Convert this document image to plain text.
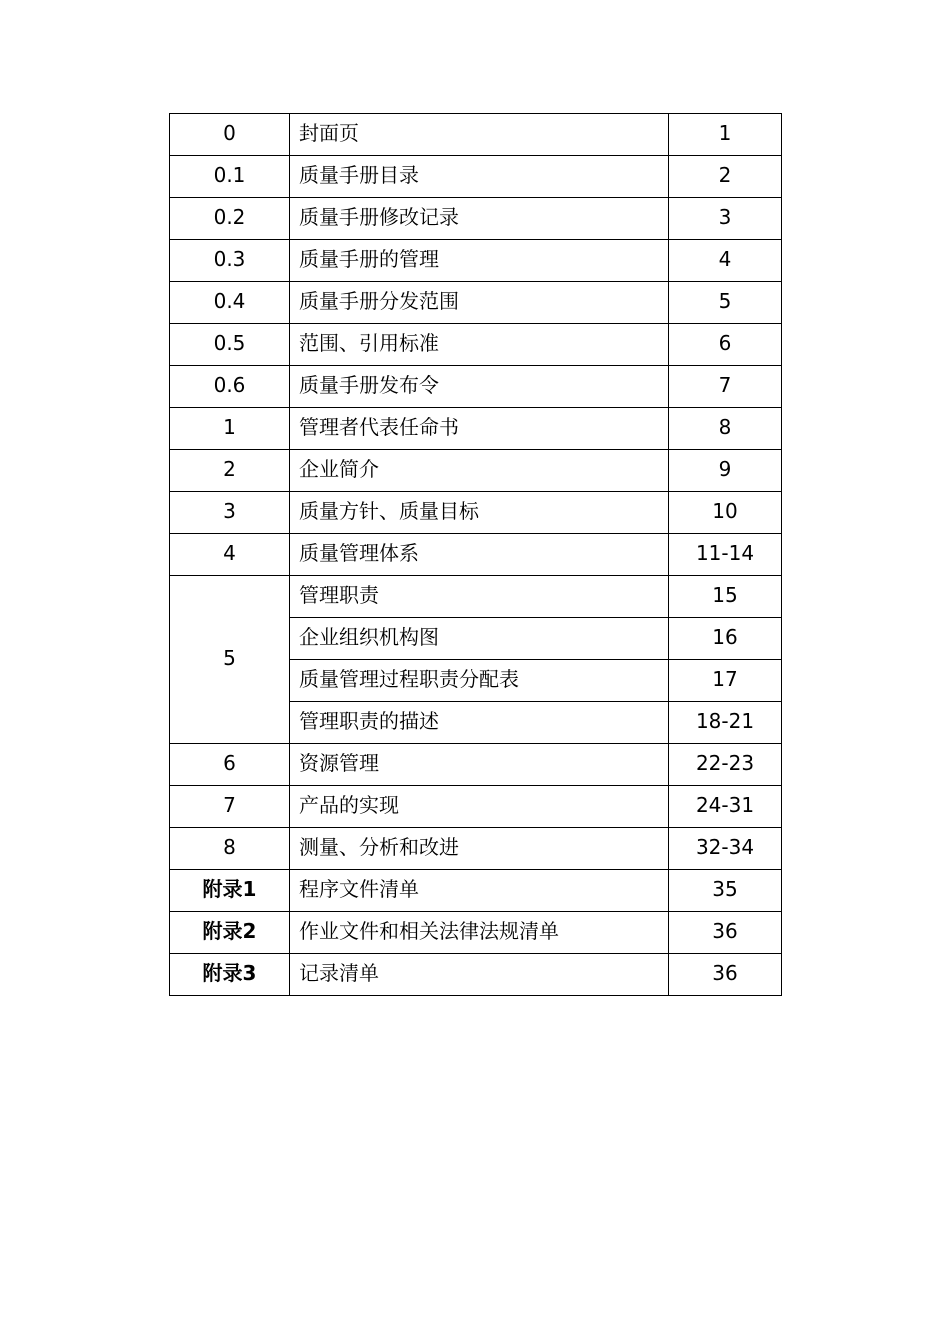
0	封面页	1
0.1	质量手册目录	2
0.2	质量手册修改记录	3
0.3	质量手册的管理	4
0.4	质量手册分发范围	5
0.5	范围、引用标准	6
0.6	质量手册发布令	7
1	管理者代表任命书	8
2	企业简介	9
3	质量方针、质量目标	10
4	质量管理体系	11-14
5	管理职责	15
	企业组织机构图	16
	质量管理过程职责分配表	17
	管理职责的描述	18-21
6	资源管理	22-23
7	产品的实现	24-31
8	测量、分析和改进	32-34
附录1	程序文件清单	35
附录2	作业文件和相关法律法规清单	36
附录3	记录清单	36
